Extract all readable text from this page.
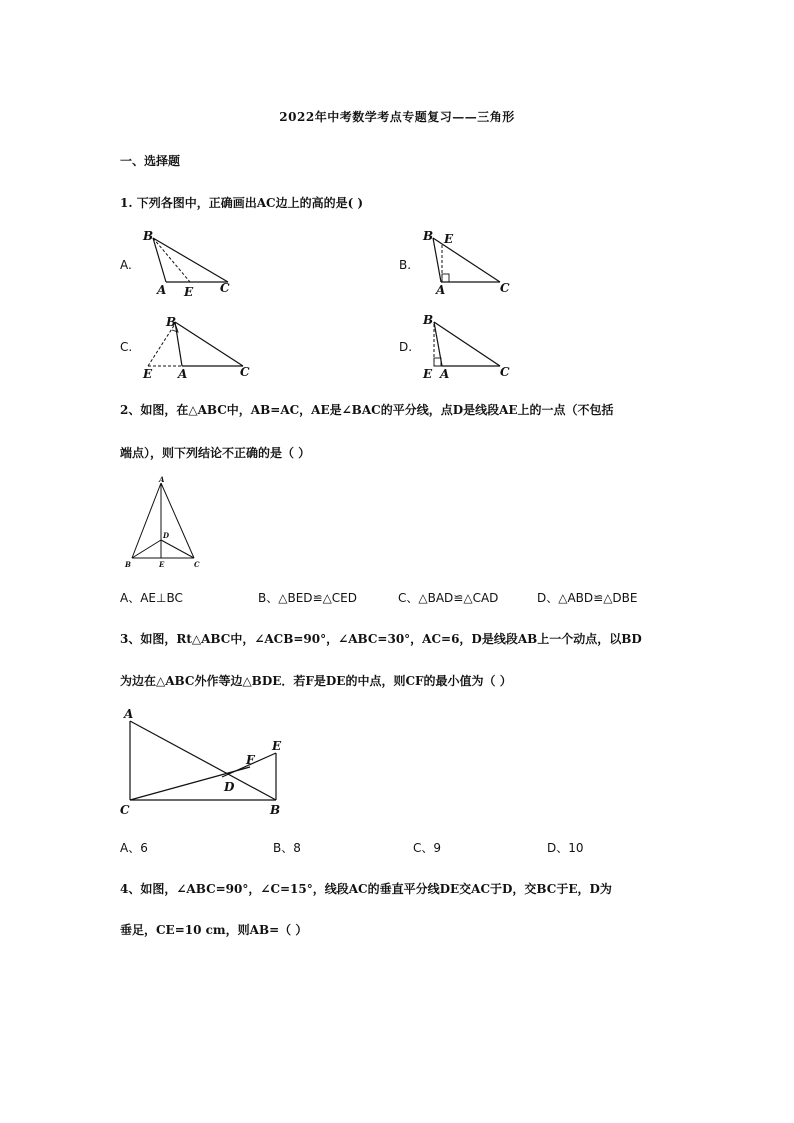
2022年中考数学考点专题复习——三角形
一、选择题
1. 下列各图中，正确画出AC边上的高的是( )
A.
B
A E C
B.
B E
A	C
C.
B
E A	C
D.
B
E A	C
2、如图，在△ABC中，AB=AC，AE是∠BAC的平分线，点D是线段AE上的一点（不包括
端点），则下列结论不正确的是（ ）
A
B	C
D
E
A、AE⊥BC	B、△BED≌△CED	C、△BAD≌△CAD	D、△ABD≌△DBE
3、如图，Rt△ABC中，∠ACB=90°，∠ABC=30°，AC=6，D是线段AB上一个动点，以BD
为边在△ABC外作等边△BDE．若F是DE的中点，则CF的最小值为（ ）
A
E
F
D
C	B
A、6	B、8	C、9	D、10
4、如图，∠ABC=90°，∠C=15°，线段AC的垂直平分线DE交AC于D，交BC于E，D为
垂足，CE=10 cm，则AB=（ ）
